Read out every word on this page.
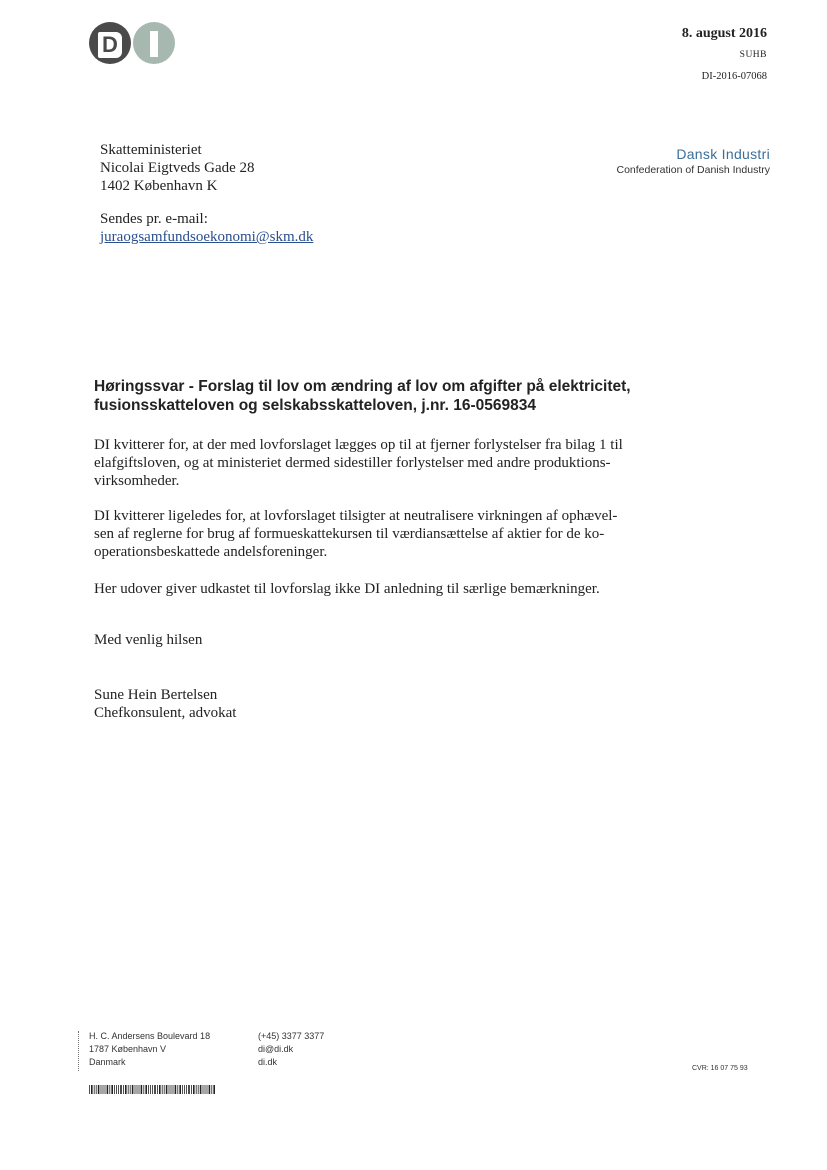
D	8. august 2016
SUHB
DI-2016-07068
Dansk Industri
Confederation of Danish Industry
Skatteministeriet
Nicolai Eigtveds Gade 28
1402 København K
Sendes pr. e-mail:
juraogsamfundsoekonomi@skm.dk
Høringssvar - Forslag til lov om ændring af lov om afgifter på elektricitet, fusionsskatteloven og selskabsskatteloven, j.nr. 16-0569834
DI kvitterer for, at der med lovforslaget lægges op til at fjerner forlystelser fra bilag 1 til
elafgiftsloven, og at ministeriet dermed sidestiller forlystelser med andre produktions-
virksomheder.
DI kvitterer ligeledes for, at lovforslaget tilsigter at neutralisere virkningen af ophævel-
sen af reglerne for brug af formueskattekursen til værdiansættelse af aktier for de ko-
operationsbeskattede andelsforeninger.
Her udover giver udkastet til lovforslag ikke DI anledning til særlige bemærkninger.
Med venlig hilsen
Sune Hein Bertelsen
Chefkonsulent, advokat
H. C. Andersens Boulevard 18
1787 København V
Danmark
(+45) 3377 3377
di@di.dk
di.dk
CVR: 16 07 75 93
